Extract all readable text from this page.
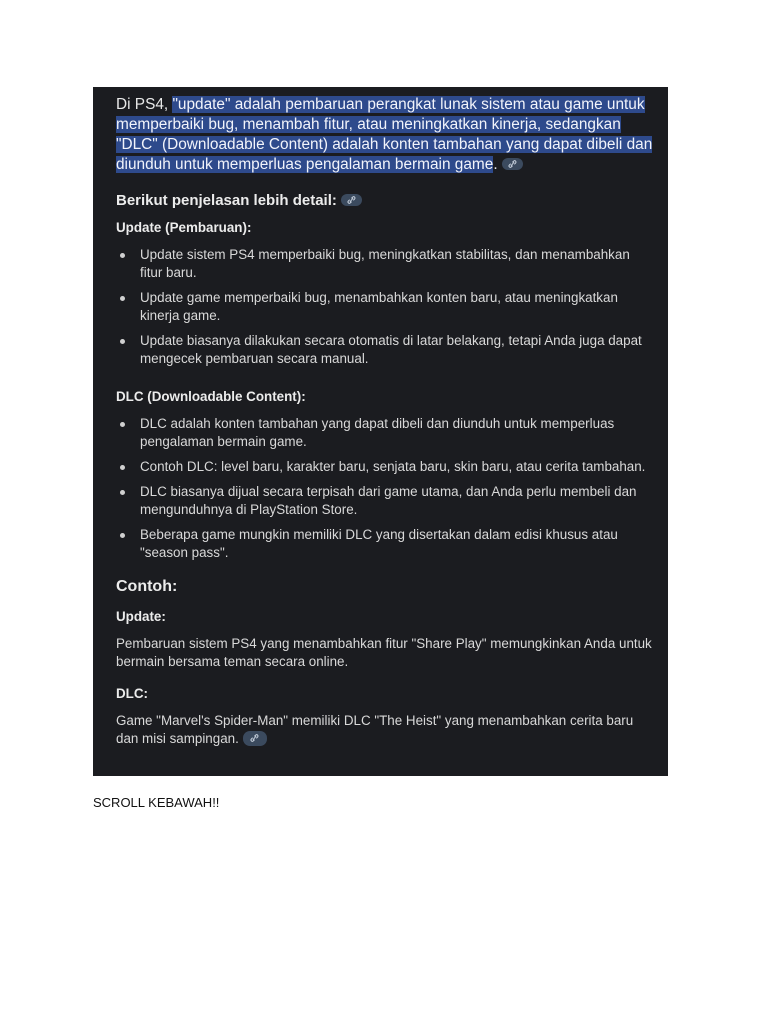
Di PS4, "update" adalah pembaruan perangkat lunak sistem atau game untuk memperbaiki bug, menambah fitur, atau meningkatkan kinerja, sedangkan "DLC" (Downloadable Content) adalah konten tambahan yang dapat dibeli dan diunduh untuk memperluas pengalaman bermain game.

Berikut penjelasan lebih detail:
Update (Pembaruan):
Update sistem PS4 memperbaiki bug, meningkatkan stabilitas, dan menambahkan fitur baru.
Update game memperbaiki bug, menambahkan konten baru, atau meningkatkan kinerja game.
Update biasanya dilakukan secara otomatis di latar belakang, tetapi Anda juga dapat mengecek pembaruan secara manual.
DLC (Downloadable Content):
DLC adalah konten tambahan yang dapat dibeli dan diunduh untuk memperluas pengalaman bermain game.
Contoh DLC: level baru, karakter baru, senjata baru, skin baru, atau cerita tambahan.
DLC biasanya dijual secara terpisah dari game utama, dan Anda perlu membeli dan mengunduhnya di PlayStation Store.
Beberapa game mungkin memiliki DLC yang disertakan dalam edisi khusus atau "season pass".
Contoh:
Update:

Pembaruan sistem PS4 yang menambahkan fitur "Share Play" memungkinkan Anda untuk bermain bersama teman secara online.

DLC:

Game "Marvel's Spider-Man" memiliki DLC "The Heist" yang menambahkan cerita baru dan misi sampingan.

SCROLL KEBAWAH!!
